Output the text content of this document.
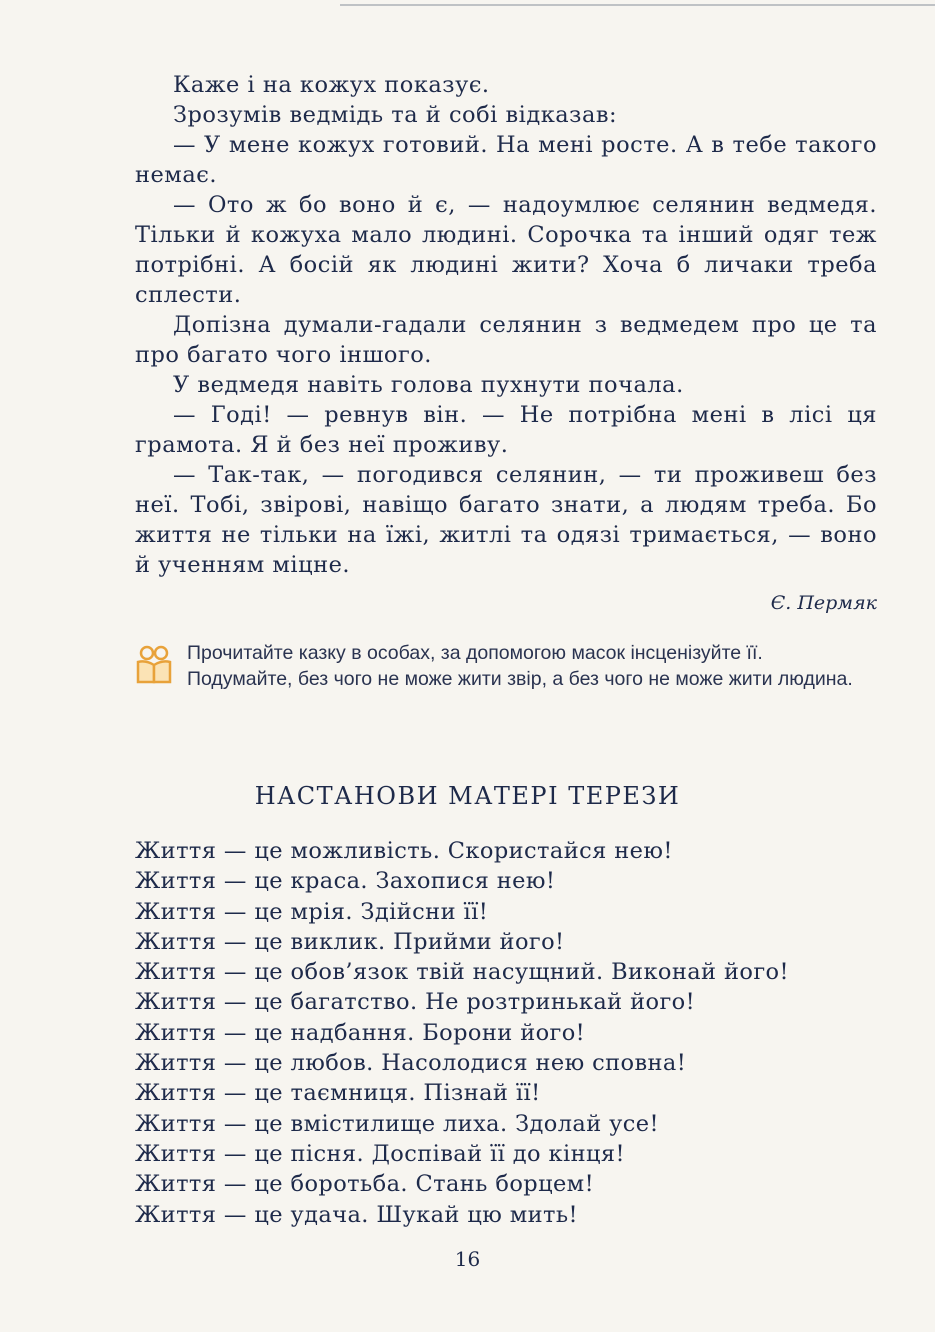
Каже і на кожух показує.

Зрозумів ведмідь та й собі відказав:

— У мене кожух готовий. На мені росте. А в тебе такого немає.

— Ото ж бо воно й є, — надоумлює селянин ведмедя. Тільки й кожуха мало людині. Сорочка та інший одяг теж потрібні. А босій як людині жити? Хоча б личаки треба сплести.

Допізна думали-гадали селянин з ведмедем про це та про багато чого іншого.

У ведмедя навіть голова пухнути почала.

— Годі! — ревнув він. — Не потрібна мені в лісі ця грамота. Я й без неї проживу.

— Так-так, — погодився селянин, — ти проживеш без неї. Тобі, звірові, навіщо багато знати, а людям треба. Бо життя не тільки на їжі, житлі та одязі тримається, — воно й ученням міцне.

Є. Пермяк

Прочитайте казку в особах, за допомогою масок інсценізуйте її.

Подумайте, без чого не може жити звір, а без чого не може жити людина.

НАСТАНОВИ МАТЕРІ ТЕРЕЗИ
Життя — це можливість. Скористайся нею!
Життя — це краса. Захопися нею!
Життя — це мрія. Здійсни її!
Життя — це виклик. Прийми його!
Життя — це обов’язок твій насущний. Виконай його!
Життя — це багатство. Не розтринькай його!
Життя — це надбання. Борони його!
Життя — це любов. Насолодися нею сповна!
Життя — це таємниця. Пізнай її!
Життя — це вмістилище лиха. Здолай усе!
Життя — це пісня. Доспівай її до кінця!
Життя — це боротьба. Стань борцем!
Життя — це удача. Шукай цю мить!
16
